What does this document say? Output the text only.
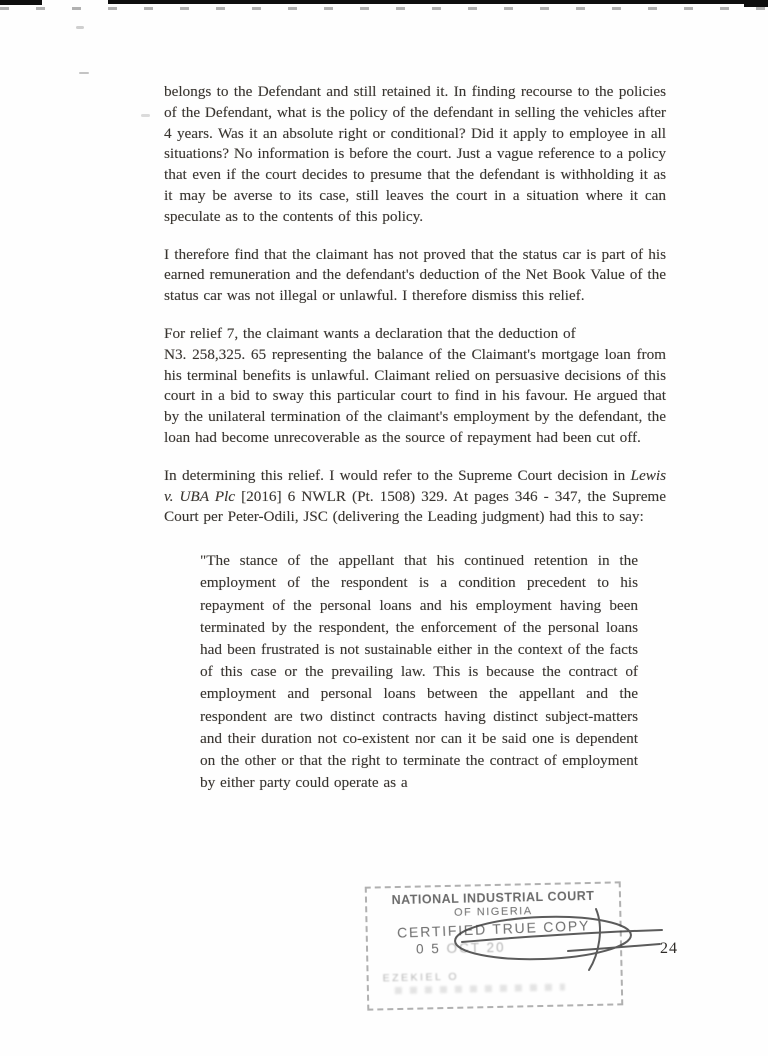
belongs to the Defendant and still retained it. In finding recourse to the policies of the Defendant, what is the policy of the defendant in selling the vehicles after 4 years. Was it an absolute right or conditional? Did it apply to employee in all situations? No information is before the court. Just a vague reference to a policy that even if the court decides to presume that the defendant is withholding it as it may be averse to its case, still leaves the court in a situation where it can speculate as to the contents of this policy.

I therefore find that the claimant has not proved that the status car is part of his earned remuneration and the defendant's deduction of the Net Book Value of the status car was not illegal or unlawful. I therefore dismiss this relief.

For relief 7, the claimant wants a declaration that the deduction of
N3. 258,325. 65 representing the balance of the Claimant's mortgage loan from his terminal benefits is unlawful. Claimant relied on persuasive decisions of this court in a bid to sway this particular court to find in his favour. He argued that by the unilateral termination of the claimant's employment by the defendant, the loan had become unrecoverable as the source of repayment had been cut off.

In determining this relief. I would refer to the Supreme Court decision in Lewis v. UBA Plc [2016] 6 NWLR (Pt. 1508) 329. At pages 346 - 347, the Supreme Court per Peter-Odili, JSC (delivering the Leading judgment) had this to say:

"The stance of the appellant that his continued retention in the employment of the respondent is a condition precedent to his repayment of the personal loans and his employment having been terminated by the respondent, the enforcement of the personal loans had been frustrated is not sustainable either in the context of the facts of this case or the prevailing law. This is because the contract of employment and personal loans between the appellant and the respondent are two distinct contracts having distinct subject-matters and their duration not co-existent nor can it be said one is dependent on the other or that the right to terminate the contract of employment by either party could operate as a

NATIONAL INDUSTRIAL COURT
OF NIGERIA
CERTIFIED TRUE COPY
0 5 OCT 20
EZEKIEL O
24
